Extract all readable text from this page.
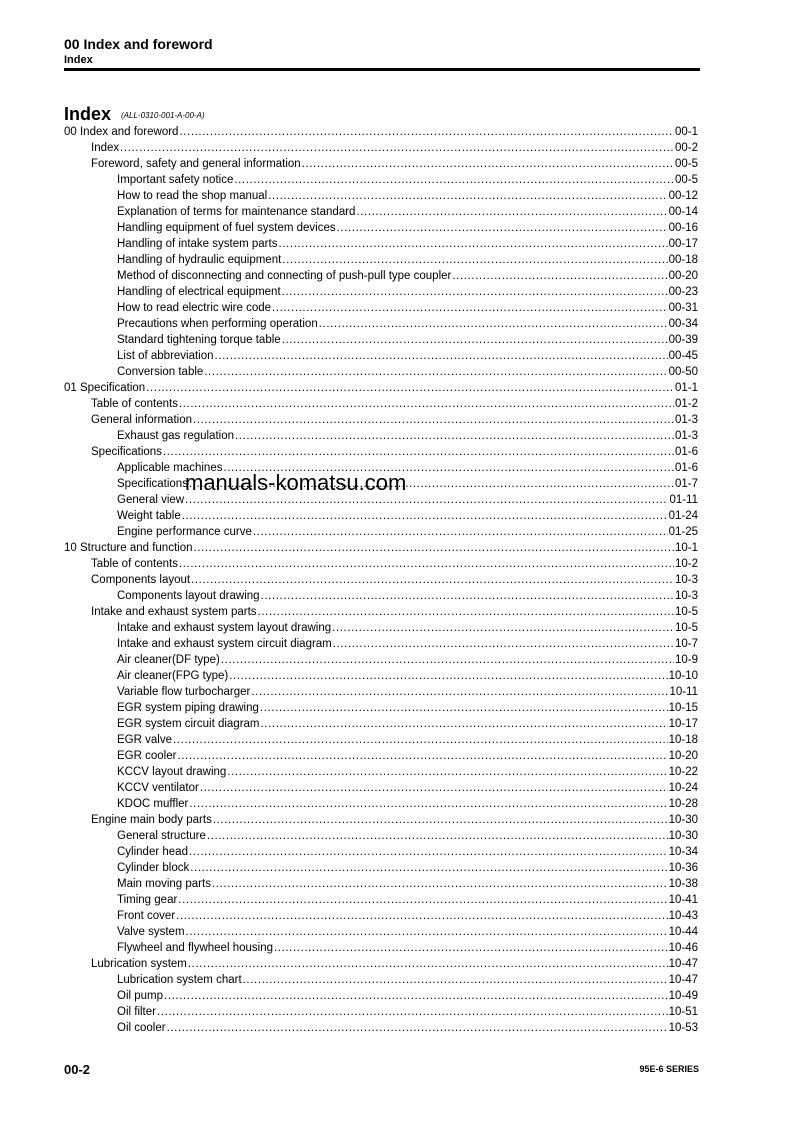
00 Index and foreword
Index
Index (ALL-0310-001-A-00-A)
00 Index and foreword .....	00-1
Index .....	00-2
Foreword, safety and general information .....	00-5
Important safety notice .....	00-5
How to read the shop manual .....	00-12
Explanation of terms for maintenance standard .....	00-14
Handling equipment of fuel system devices .....	00-16
Handling of intake system parts .....	00-17
Handling of hydraulic equipment .....	00-18
Method of disconnecting and connecting of push-pull type coupler .....	00-20
Handling of electrical equipment .....	00-23
How to read electric wire code .....	00-31
Precautions when performing operation .....	00-34
Standard tightening torque table .....	00-39
List of abbreviation .....	00-45
Conversion table .....	00-50
01 Specification .....	01-1
Table of contents .....	01-2
General information .....	01-3
Exhaust gas regulation .....	01-3
Specifications .....	01-6
Applicable machines .....	01-6
Specifications .....	01-7
General view .....	01-11
Weight table .....	01-24
Engine performance curve .....	01-25
10 Structure and function .....	10-1
Table of contents .....	10-2
Components layout .....	10-3
Components layout drawing .....	10-3
Intake and exhaust system parts .....	10-5
Intake and exhaust system layout drawing .....	10-5
Intake and exhaust system circuit diagram .....	10-7
Air cleaner(DF type) .....	10-9
Air cleaner(FPG type) .....	10-10
Variable flow turbocharger .....	10-11
EGR system piping drawing .....	10-15
EGR system circuit diagram .....	10-17
EGR valve .....	10-18
EGR cooler .....	10-20
KCCV layout drawing .....	10-22
KCCV ventilator .....	10-24
KDOC muffler .....	10-28
Engine main body parts .....	10-30
General structure .....	10-30
Cylinder head .....	10-34
Cylinder block .....	10-36
Main moving parts .....	10-38
Timing gear .....	10-41
Front cover .....	10-43
Valve system .....	10-44
Flywheel and flywheel housing .....	10-46
Lubrication system .....	10-47
Lubrication system chart .....	10-47
Oil pump .....	10-49
Oil filter .....	10-51
Oil cooler .....	10-53
manuals-komatsu.com
00-2	95E-6 SERIES
